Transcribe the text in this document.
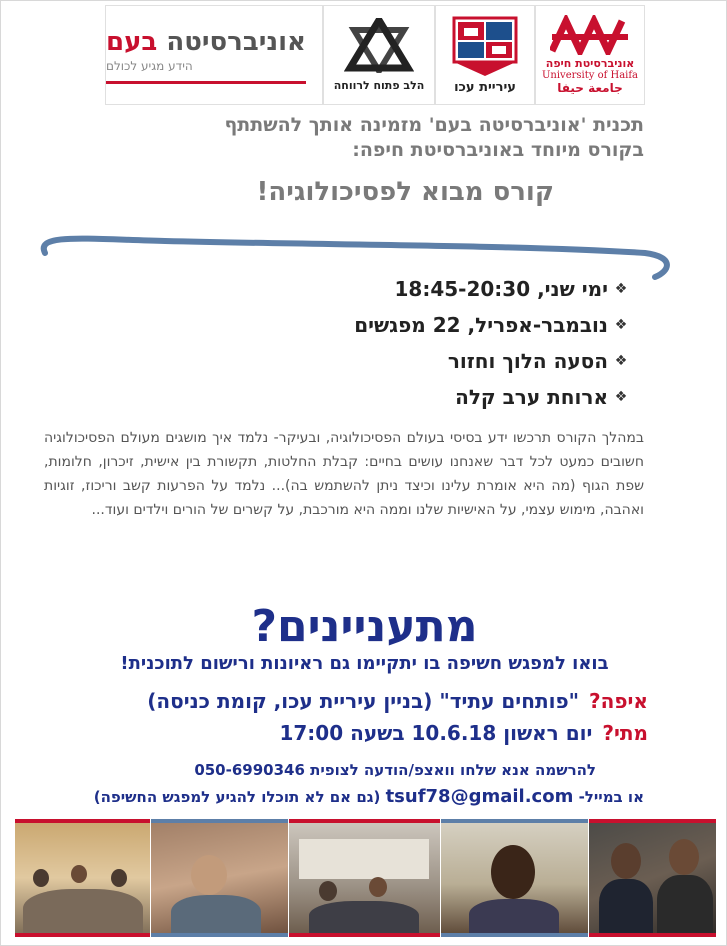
אוניברסיטה בעם
הידע מגיע לכולם
הלב פתוח לרווחה עיריית עכו
אוניברסיטת חיפה
University of Haifa
جامعة حيفا
תכנית 'אוניברסיטה בעם' מזמינה אותך להשתתף
בקורס מיוחד באוניברסיטת חיפה:
קורס מבוא לפסיכולוגיה!
❖
ימי שני, 18:45-20:30
❖
נובמבר-אפריל, 22 מפגשים
❖
הסעה הלוך וחזור
❖
ארוחת ערב קלה

במהלך הקורס תרכשו ידע בסיסי בעולם הפסיכולוגיה, ובעיקר- נלמד איך מושגים מעולם הפסיכולוגיה חשובים כמעט לכל דבר שאנחנו עושים בחיים: קבלת החלטות, תקשורת בין אישית, זיכרון, חלומות, שפת הגוף (מה היא אומרת עלינו וכיצד ניתן להשתמש בה)... נלמד על הפרעות קשב וריכוז, זוגיות ואהבה, מימוש עצמי, על האישיות שלנו וממה היא מורכבת, על קשרים של הורים וילדים ועוד...

מתעניינים?
בואו למפגש חשיפה בו יתקיימו גם ראיונות ורישום לתוכנית!
איפה?"פותחים עתיד" (בניין עיריית עכו, קומת כניסה)
מתי?יום ראשון 10.6.18 בשעה 17:00
להרשמה אנא שלחו וואצפ/הודעה לצופית 050-6990346
או במייל- tsuf78@gmail.com (גם אם לא תוכלו להגיע למפגש החשיפה)
